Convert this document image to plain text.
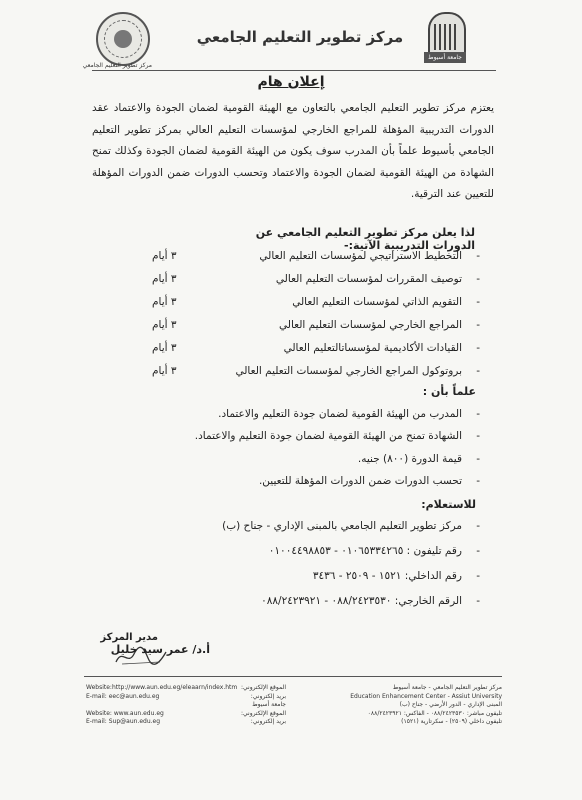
مركز تطوير التعليم الجامعي
مركز تطوير التعليم الجامعي
جامعة أسيوط
إعلان هام
يعتزم مركز تطوير التعليم الجامعي بالتعاون مع الهيئة القومية لضمان الجودة والاعتماد عقد الدورات التدريبية المؤهلة للمراجع الخارجي لمؤسسات التعليم العالي بمركز تطوير التعليم الجامعي بأسيوط علماً بأن المدرب سوف يكون من الهيئة القومية لضمان الجودة وكذلك تمنح الشهادة من الهيئة القومية لضمان الجودة والاعتماد وتحسب الدورات ضمن الدورات المؤهلة للتعيين عند الترقية.
لذا يعلن مركز تطوير التعليم الجامعي عن الدورات التدريبية الآتية:-
-
التخطيط الاستراتيجي لمؤسسات التعليم العالي
٣ أيام
-
توصيف المقررات لمؤسسات التعليم العالي
٣ أيام
-
التقويم الذاتي لمؤسسات التعليم العالي
٣ أيام
-
المراجع الخارجي لمؤسسات التعليم العالي
٣ أيام
-
القيادات الأكاديمية لمؤسساتالتعليم العالي
٣ أيام
-
بروتوكول المراجع الخارجي لمؤسسات التعليم العالي
٣ أيام
علماً بأن :
-
المدرب من الهيئة القومية لضمان جودة التعليم والاعتماد.
-
الشهادة تمنح من الهيئة القومية لضمان جودة التعليم والاعتماد.
-
قيمة الدورة (٨٠٠) جنيه.
-
تحسب الدورات ضمن الدورات المؤهلة للتعيين.
للاستعلام:
-
مركز تطوير التعليم الجامعي بالمبنى الإداري - جناح (ب)
-
رقم تليفون : ٠١٠٦٥٣٣٤٢٦٥ - ٠١٠٠٤٤٩٨٨٥٣
-
رقم الداخلي: ١٥٢١ - ٢٥٠٩ - ٣٤٣٦
-
الرقم الخارجي: ٠٨٨/٢٤٢٣٥٣٠ - ٠٨٨/٢٤٢٣٩٢١
مدير المركز
أ.د/ عمر سيد خليل
مركز تطوير التعليم الجامعي - جامعة أسيوط
Education Enhancement Center - Assiut University
المبنى الإداري - الدور الأرضي - جناح (ب)
تليفون مباشر: ٠٨٨/٢٤٢٣٥٣٠ - الفاكس: ٠٨٨/٢٤٢٣٩٢١
تليفون داخلي (٢٥٠٩) - سكرتارية (١٥٢١)
الموقع الإلكتروني:
بريد إلكتروني:
جامعة أسيوط
الموقع الإلكتروني:
بريد إلكتروني:
Website:http://www.aun.edu.eg/eleaarn/index.htm
E-mail: eec@aun.edu.eg

Website: www.aun.edu.eg
E-mail: Sup@aun.edu.eg
